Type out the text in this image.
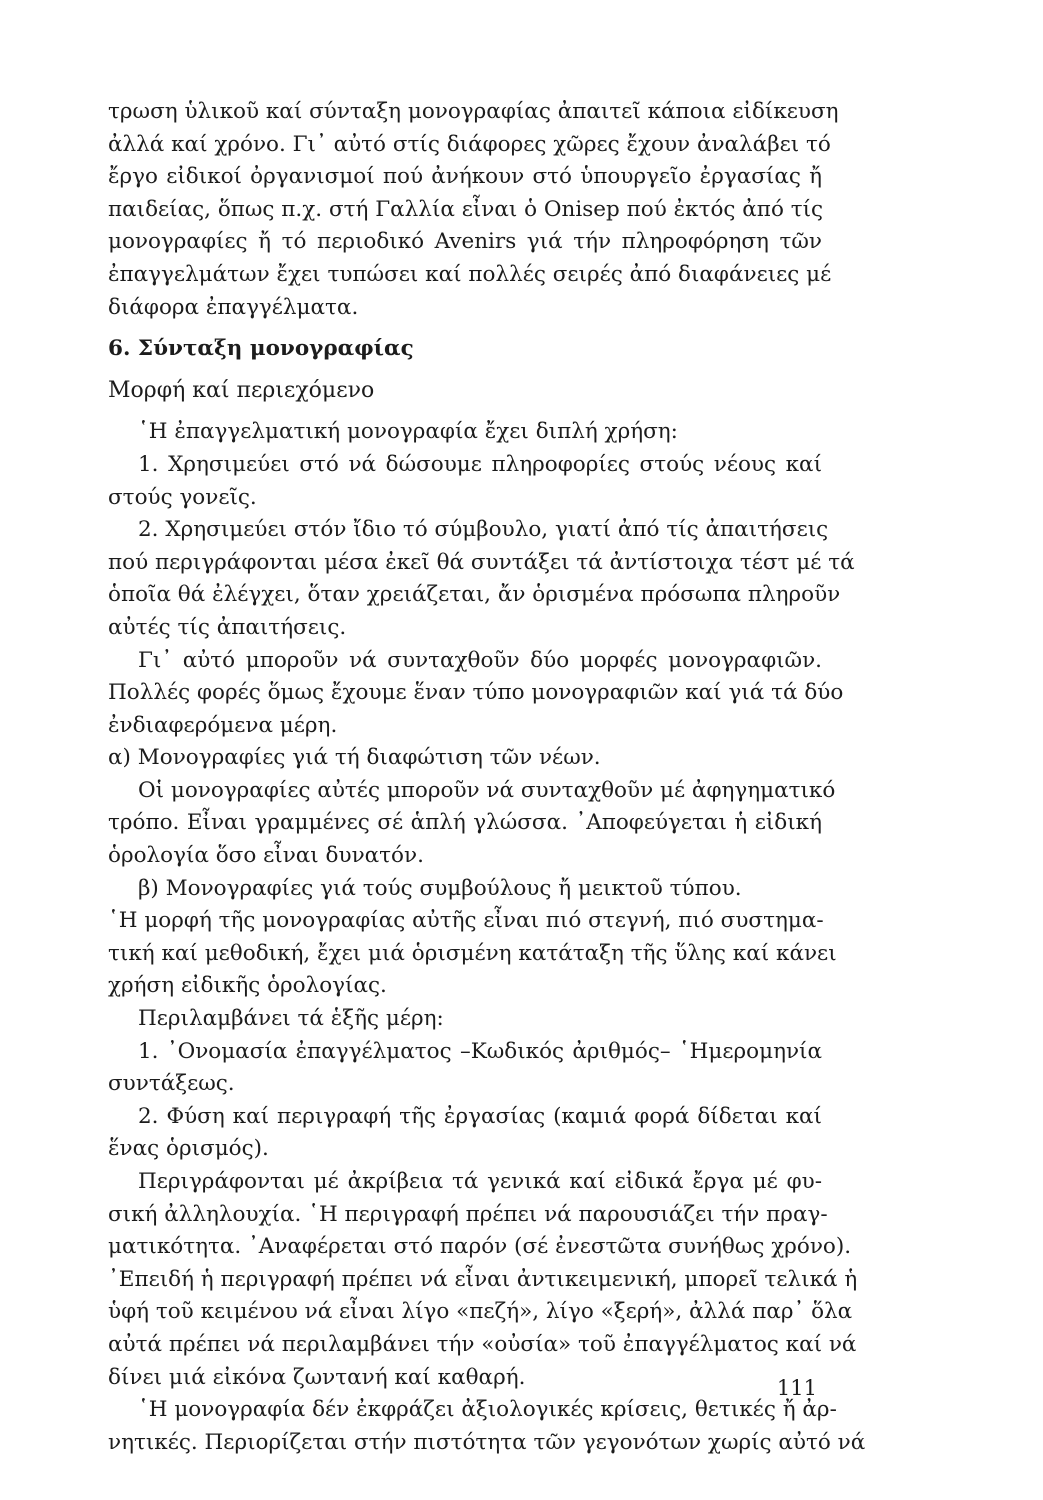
τρωση ὑλικοῦ καί σύνταξη μονογραφίας ἀπαιτεῖ κάποια εἰδίκευση
ἀλλά καί χρόνο. Γι᾽ αὐτό στίς διάφορες χῶρες ἔχουν ἀναλάβει τό
ἔργο εἰδικοί ὀργανισμοί πού ἀνήκουν στό ὑπουργεῖο ἐργασίας ἤ
παιδείας, ὅπως π.χ. στή Γαλλία εἶναι ὁ Onisep πού ἐκτός ἀπό τίς
μονογραφίες ἤ τό περιοδικό Avenirs γιά τήν πληροφόρηση τῶν
ἐπαγγελμάτων ἔχει τυπώσει καί πολλές σειρές ἀπό διαφάνειες μέ
διάφορα ἐπαγγέλματα.
6. Σύνταξη μονογραφίας
Μορφή καί περιεχόμενο
῾Η ἐπαγγελματική μονογραφία ἔχει διπλή χρήση:
1. Χρησιμεύει στό νά δώσουμε πληροφορίες στούς νέους καί
στούς γονεῖς.
2. Χρησιμεύει στόν ἴδιο τό σύμβουλο, γιατί ἀπό τίς ἀπαιτήσεις
πού περιγράφονται μέσα ἐκεῖ θά συντάξει τά ἀντίστοιχα τέστ μέ τά
ὁποῖα θά ἐλέγχει, ὅταν χρειάζεται, ἄν ὁρισμένα πρόσωπα πληροῦν
αὐτές τίς ἀπαιτήσεις.
Γι᾽ αὐτό μποροῦν νά συνταχθοῦν δύο μορφές μονογραφιῶν.
Πολλές φορές ὅμως ἔχουμε ἕναν τύπο μονογραφιῶν καί γιά τά δύο
ἐνδιαφερόμενα μέρη.
α) Μονογραφίες γιά τή διαφώτιση τῶν νέων.
Οἱ μονογραφίες αὐτές μποροῦν νά συνταχθοῦν μέ ἀφηγηματικό
τρόπο. Εἶναι γραμμένες σέ ἁπλή γλώσσα. ᾿Αποφεύγεται ἡ εἰδική
ὁρολογία ὅσο εἶναι δυνατόν.
β) Μονογραφίες γιά τούς συμβούλους ἤ μεικτοῦ τύπου.
῾Η μορφή τῆς μονογραφίας αὐτῆς εἶναι πιό στεγνή, πιό συστημα-
τική καί μεθοδική, ἔχει μιά ὁρισμένη κατάταξη τῆς ὕλης καί κάνει
χρήση εἰδικῆς ὁρολογίας.
Περιλαμβάνει τά ἑξῆς μέρη:
1. ᾿Ονομασία ἐπαγγέλματος –Κωδικός ἀριθμός– ῾Ημερομηνία
συντάξεως.
2. Φύση καί περιγραφή τῆς ἐργασίας (καμιά φορά δίδεται καί
ἕνας ὁρισμός).
Περιγράφονται μέ ἀκρίβεια τά γενικά καί εἰδικά ἔργα μέ φυ-
σική ἀλληλουχία. ῾Η περιγραφή πρέπει νά παρουσιάζει τήν πραγ-
ματικότητα. ᾿Αναφέρεται στό παρόν (σέ ἐνεστῶτα συνήθως χρόνο).
᾿Επειδή ἡ περιγραφή πρέπει νά εἶναι ἀντικειμενική, μπορεῖ τελικά ἡ
ὑφή τοῦ κειμένου νά εἶναι λίγο «πεζή», λίγο «ξερή», ἀλλά παρ᾽ ὅλα
αὐτά πρέπει νά περιλαμβάνει τήν «οὐσία» τοῦ ἐπαγγέλματος καί νά
δίνει μιά εἰκόνα ζωντανή καί καθαρή.
῾Η μονογραφία δέν ἐκφράζει ἀξιολογικές κρίσεις, θετικές ἤ ἀρ-
νητικές. Περιορίζεται στήν πιστότητα τῶν γεγονότων χωρίς αὐτό νά
111
